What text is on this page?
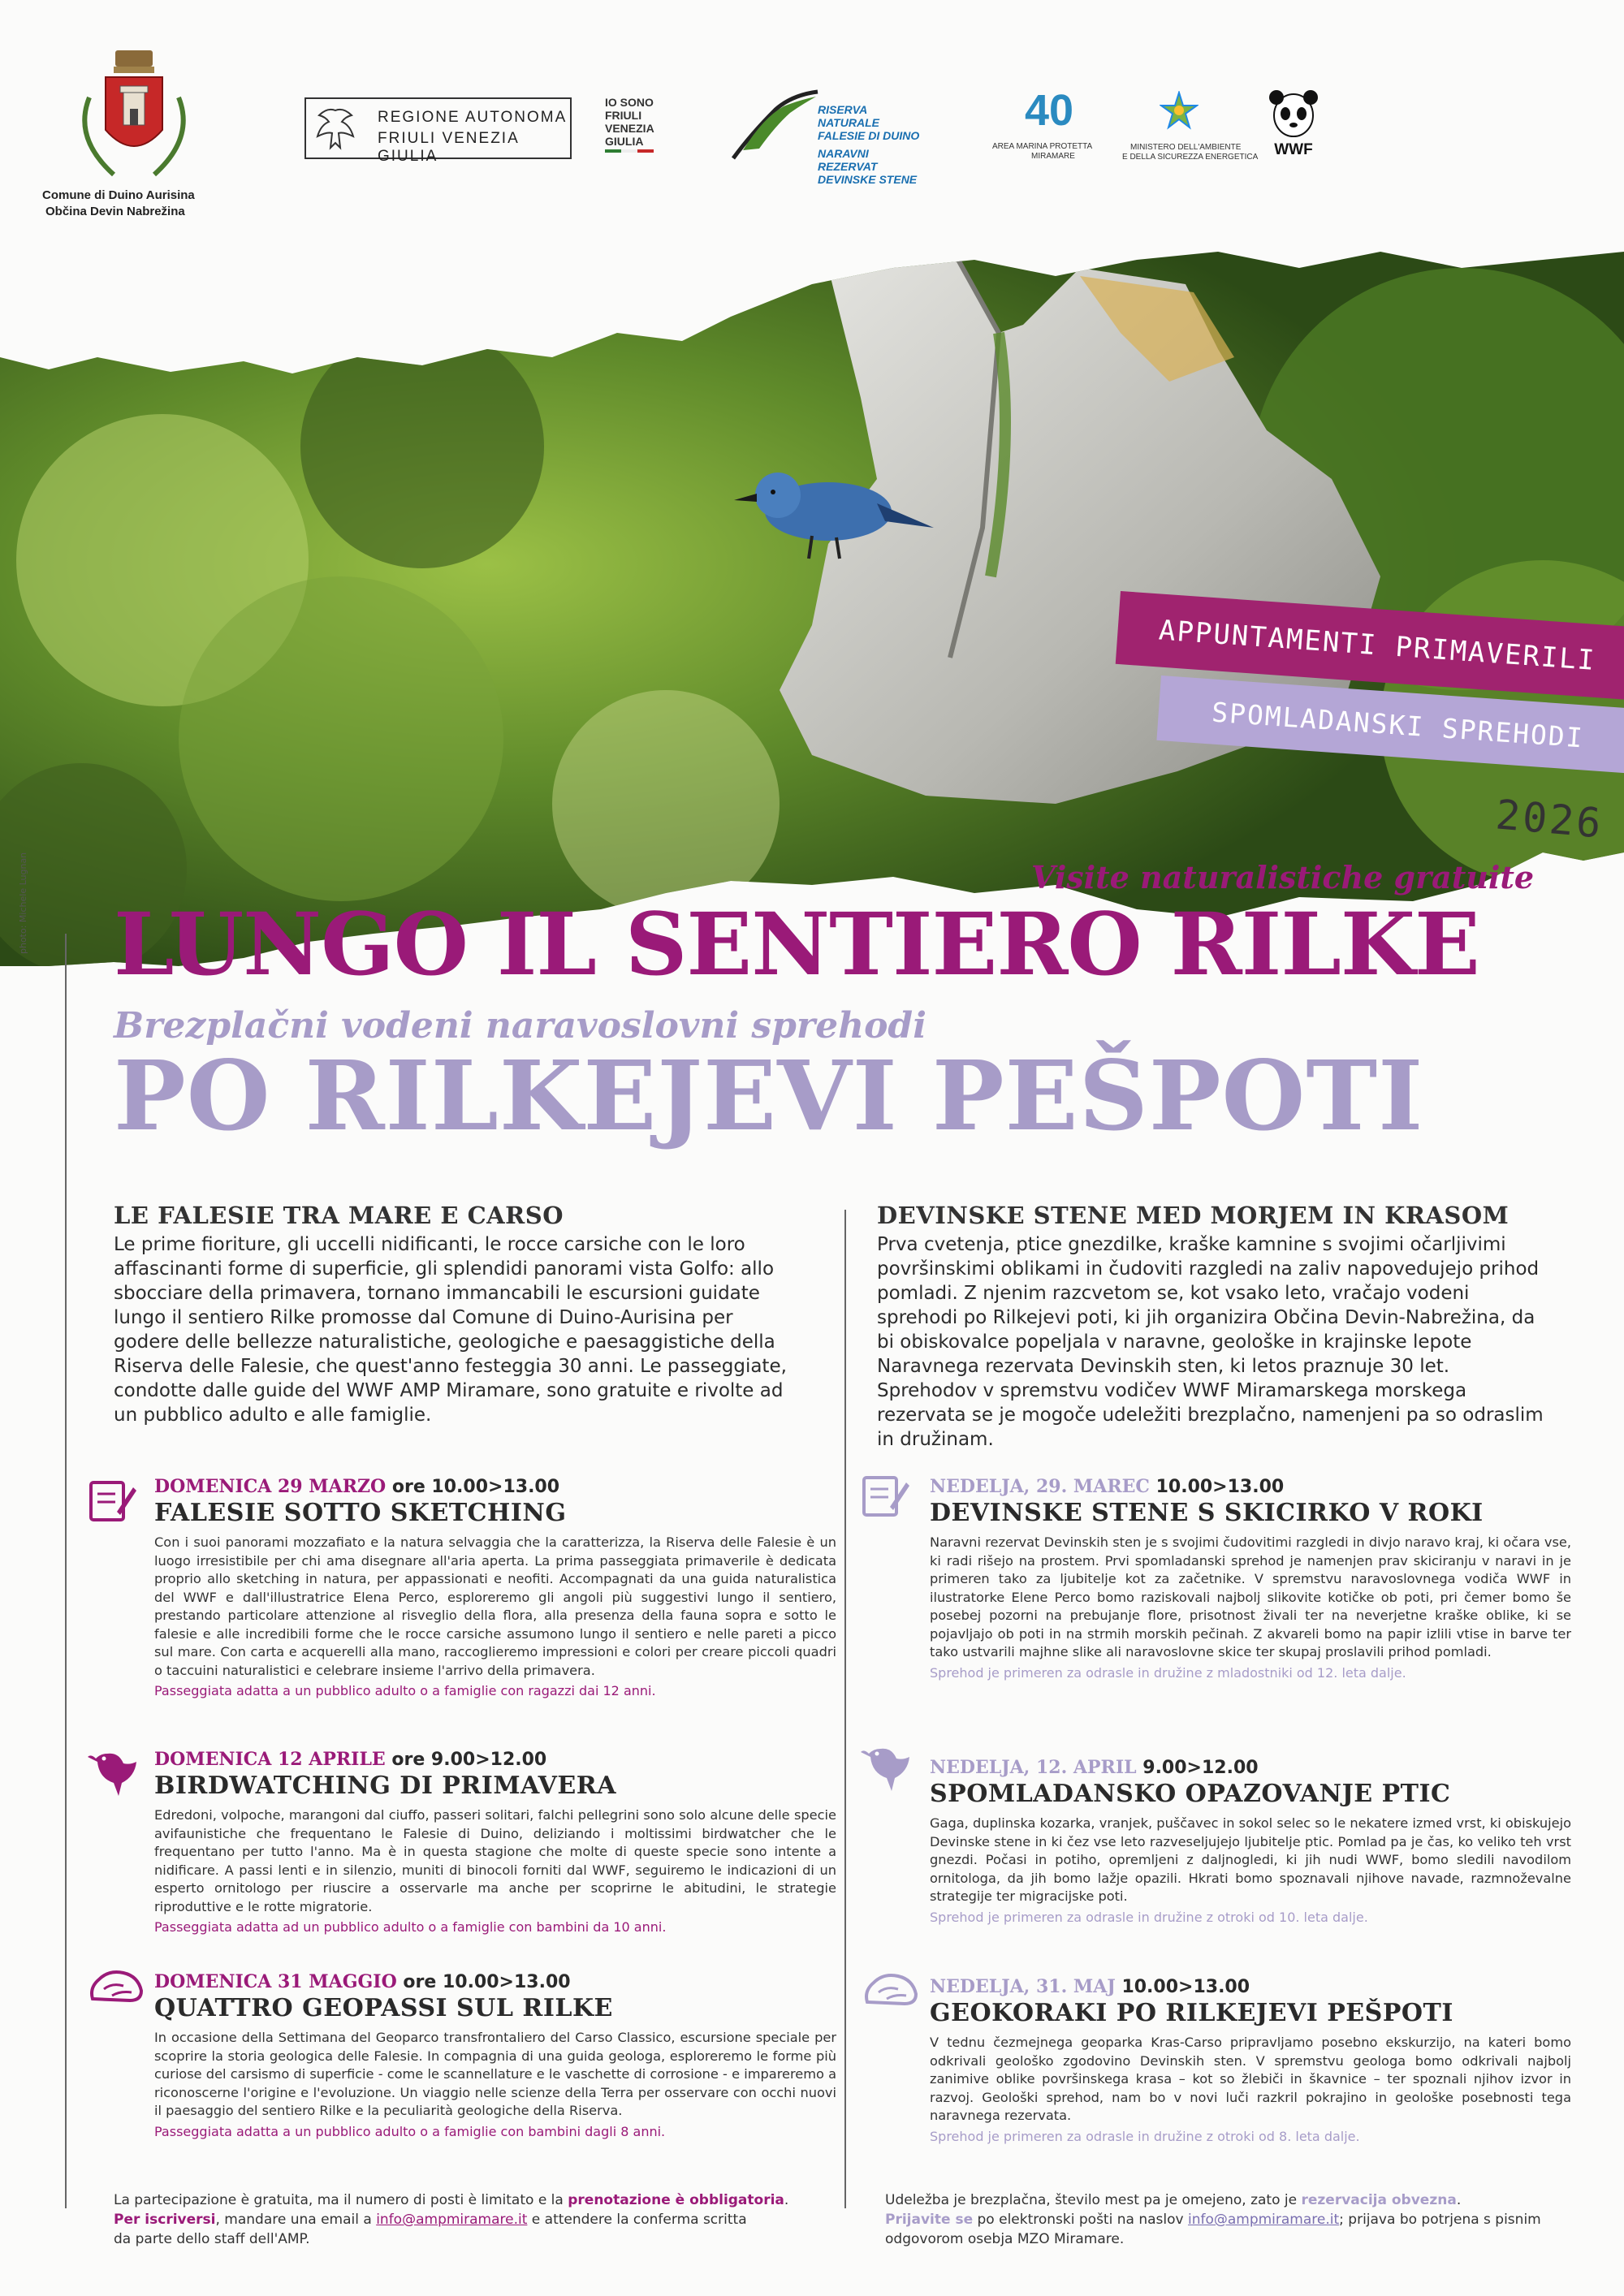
Comune di Duino Aurisina
Občina Devin Nabrežina
REGIONE AUTONOMA
FRIULI VENEZIA GIULIA
IO SONO
FRIULI
VENEZIA
GIULIA
RISERVA NATURALE
FALESIE DI DUINO
NARAVNI REZERVAT
DEVINSKE STENE
40
AREA MARINA PROTETTA
MIRAMARE
MINISTERO DELL'AMBIENTE
E DELLA SICUREZZA ENERGETICA	WWF
photo: Michele Lugnan
APPUNTAMENTI PRIMAVERILI
SPOMLADANSKI SPREHODI
2026
Visite naturalistiche gratuite
LUNGO IL SENTIERO RILKE
Brezplačni vodeni naravoslovni sprehodi
PO RILKEJEVI PEŠPOTI
LE FALESIE TRA MARE E CARSO

Le prime fioriture, gli uccelli nidificanti, le rocce carsiche con le loro affascinanti forme di superficie, gli splendidi panorami vista Golfo: allo sbocciare della primavera, tornano immancabili le escursioni guidate lungo il sentiero Rilke promosse dal Comune di Duino-Aurisina per godere delle bellezze naturalistiche, geologiche e paesaggistiche della Riserva delle Falesie, che quest'anno festeggia 30 anni. Le passeggiate, condotte dalle guide del WWF AMP Miramare, sono gratuite e rivolte ad un pubblico adulto e alle famiglie.

DEVINSKE STENE MED MORJEM IN KRASOM

Prva cvetenja, ptice gnezdilke, kraške kamnine s svojimi očarljivimi površinskimi oblikami in čudoviti razgledi na zaliv napovedujejo prihod pomladi. Z njenim razcvetom se, kot vsako leto, vračajo vodeni sprehodi po Rilkejevi poti, ki jih organizira Občina Devin-Nabrežina, da bi obiskovalce popeljala v naravne, geološke in krajinske lepote Naravnega rezervata Devinskih sten, ki letos praznuje 30 let. Sprehodov v spremstvu vodičev WWF Miramarskega morskega rezervata se je mogoče udeležiti brezplačno, namenjeni pa so odraslim in družinam.

DOMENICA 29 MARZO ore 10.00>13.00
FALESIE SOTTO SKETCHING
Con i suoi panorami mozzafiato e la natura selvaggia che la caratterizza, la Riserva delle Falesie è un luogo irresistibile per chi ama disegnare all'aria aperta. La prima passeggiata primaverile è dedicata proprio allo sketching in natura, per appassionati e neofiti. Accompagnati da una guida naturalistica del WWF e dall'illustratrice Elena Perco, esploreremo gli angoli più suggestivi lungo il sentiero, prestando particolare attenzione al risveglio della flora, alla presenza della fauna sopra e sotto le falesie e alle incredibili forme che le rocce carsiche assumono lungo il sentiero e nelle pareti a picco sul mare. Con carta e acquerelli alla mano, raccoglieremo impressioni e colori per creare piccoli quadri o taccuini naturalistici e celebrare insieme l'arrivo della primavera.
Passeggiata adatta a un pubblico adulto o a famiglie con ragazzi dai 12 anni.
DOMENICA 12 APRILE ore 9.00>12.00
BIRDWATCHING DI PRIMAVERA
Edredoni, volpoche, marangoni dal ciuffo, passeri solitari, falchi pellegrini sono solo alcune delle specie avifaunistiche che frequentano le Falesie di Duino, deliziando i moltissimi birdwatcher che le frequentano per tutto l'anno. Ma è in questa stagione che molte di queste specie sono intente a nidificare. A passi lenti e in silenzio, muniti di binocoli forniti dal WWF, seguiremo le indicazioni di un esperto ornitologo per riuscire a osservarle ma anche per scoprirne le abitudini, le strategie riproduttive e le rotte migratorie.
Passeggiata adatta ad un pubblico adulto o a famiglie con bambini da 10 anni.
DOMENICA 31 MAGGIO ore 10.00>13.00
QUATTRO GEOPASSI SUL RILKE
In occasione della Settimana del Geoparco transfrontaliero del Carso Classico, escursione speciale per scoprire la storia geologica delle Falesie. In compagnia di una guida geologa, esploreremo le forme più curiose del carsismo di superficie - come le scannellature e le vaschette di corrosione - e impareremo a riconoscerne l'origine e l'evoluzione. Un viaggio nelle scienze della Terra per osservare con occhi nuovi il paesaggio del sentiero Rilke e la peculiarità geologiche della Riserva.
Passeggiata adatta a un pubblico adulto o a famiglie con bambini dagli 8 anni.
NEDELJA, 29. MAREC 10.00>13.00
DEVINSKE STENE S SKICIRKO V ROKI
Naravni rezervat Devinskih sten je s svojimi čudovitimi razgledi in divjo naravo kraj, ki očara vse, ki radi rišejo na prostem. Prvi spomladanski sprehod je namenjen prav skiciranju v naravi in je primeren tako za ljubitelje kot za začetnike. V spremstvu naravoslovnega vodiča WWF in ilustratorke Elene Perco bomo raziskovali najbolj slikovite kotičke ob poti, pri čemer bomo še posebej pozorni na prebujanje flore, prisotnost živali ter na neverjetne kraške oblike, ki se pojavljajo ob poti in na strmih morskih pečinah. Z akvareli bomo na papir izlili vtise in barve ter tako ustvarili majhne slike ali naravoslovne skice ter skupaj proslavili prihod pomladi.
Sprehod je primeren za odrasle in družine z mladostniki od 12. leta dalje.
NEDELJA, 12. APRIL 9.00>12.00
SPOMLADANSKO OPAZOVANJE PTIC
Gaga, duplinska kozarka, vranjek, puščavec in sokol selec so le nekatere izmed vrst, ki obiskujejo Devinske stene in ki čez vse leto razveseljujejo ljubitelje ptic. Pomlad pa je čas, ko veliko teh vrst gnezdi. Počasi in potiho, opremljeni z daljnogledi, ki jih nudi WWF, bomo sledili navodilom ornitologa, da jih bomo lažje opazili. Hkrati bomo spoznavali njihove navade, razmnoževalne strategije ter migracijske poti.
Sprehod je primeren za odrasle in družine z otroki od 10. leta dalje.
NEDELJA, 31. MAJ 10.00>13.00
GEOKORAKI PO RILKEJEVI PEŠPOTI
V tednu čezmejnega geoparka Kras-Carso pripravljamo posebno ekskurzijo, na kateri bomo odkrivali geološko zgodovino Devinskih sten. V spremstvu geologa bomo odkrivali najbolj zanimive oblike površinskega krasa – kot so žlebiči in škavnice – ter spoznali njihov izvor in razvoj. Geološki sprehod, nam bo v novi luči razkril pokrajino in geološke posebnosti tega naravnega rezervata.
Sprehod je primeren za odrasle in družine z otroki od 8. leta dalje.
La partecipazione è gratuita, ma il numero di posti è limitato e la prenotazione è obbligatoria.
Per iscriversi, mandare una email a info@ampmiramare.it e attendere la conferma scritta
da parte dello staff dell'AMP.
Udeležba je brezplačna, število mest pa je omejeno, zato je rezervacija obvezna.
Prijavite se po elektronski pošti na naslov info@ampmiramare.it; prijava bo potrjena s pisnim
odgovorom osebja MZO Miramare.
